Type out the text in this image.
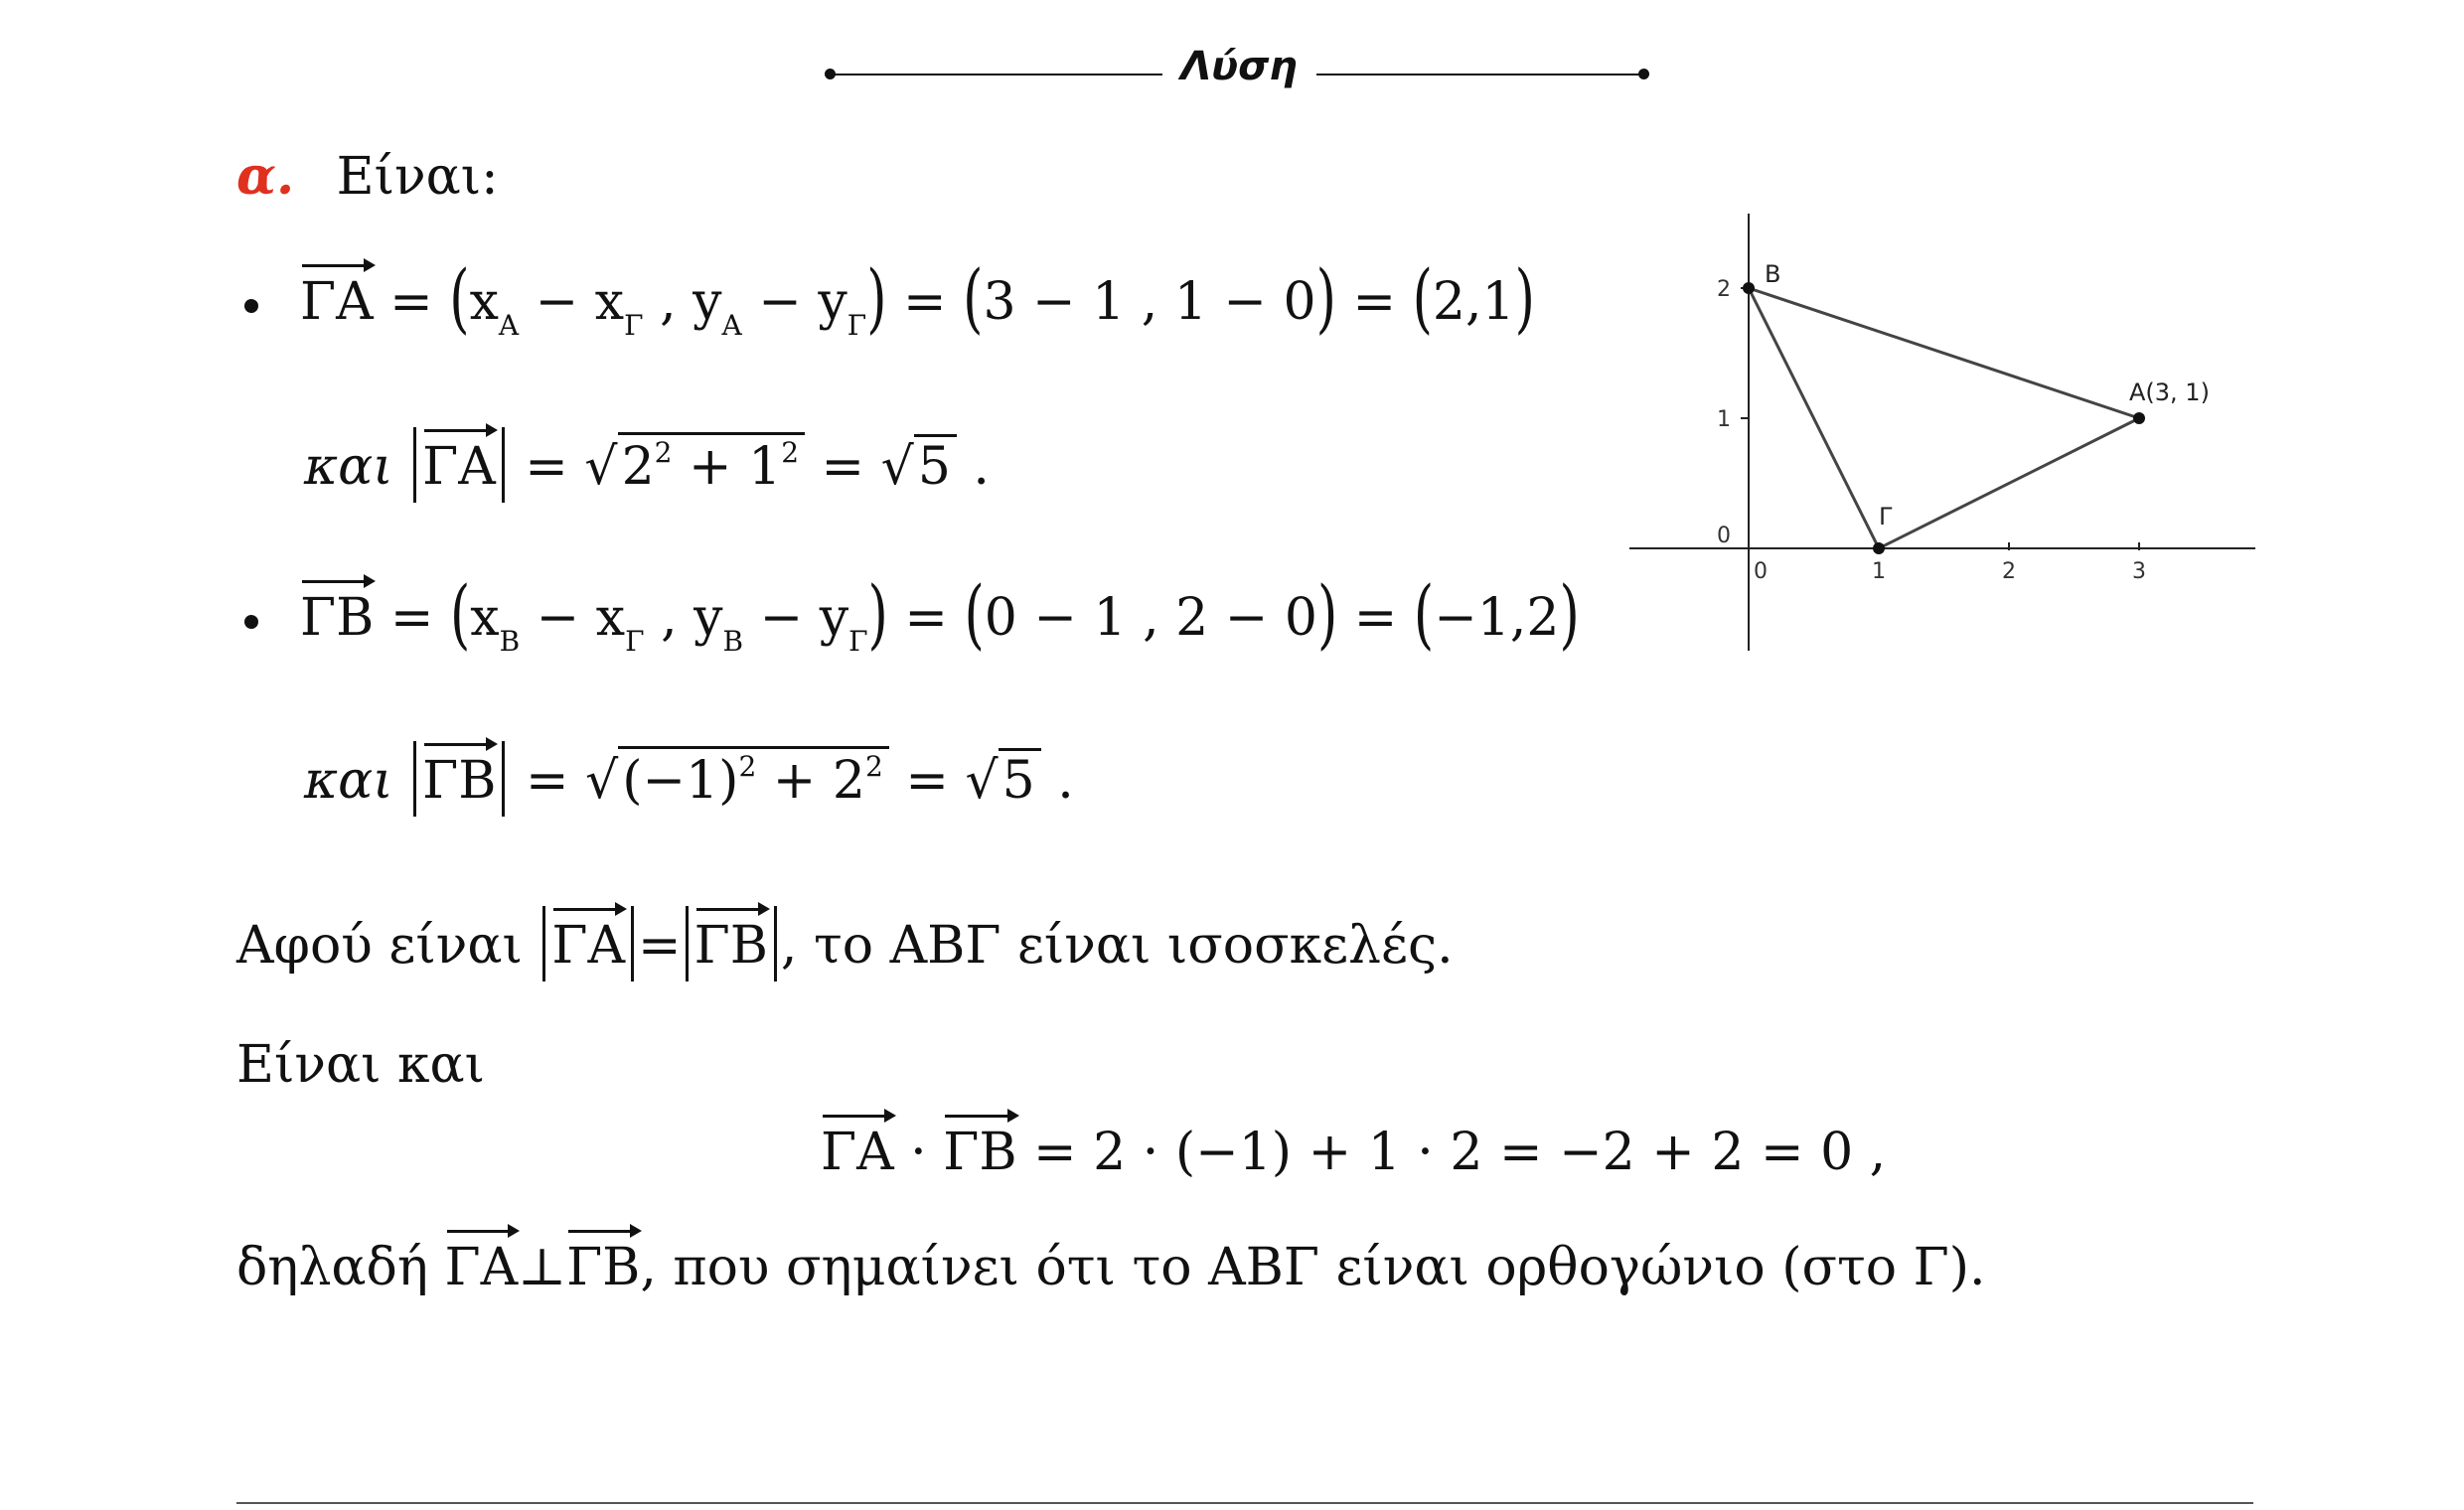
Λύση
α. Είναι:
$\Gamma A = (x_A - x_\Gamma$ , $y_A - y_\Gamma) = (3 - 1$ , 1 − 0) = (2,1)
και $\Gamma A = √2^2 + 1^2 = √5$ .
$\Gamma B = (x_B - x_\Gamma$ , $y_B - y_\Gamma) = (0 - 1$ , 2 − 0) = (−1,2)
και $\Gamma B = √(-1)^2 + 2^2 = √5$ .
Αφού είναι ΓΑ = ΓΒ , το ΑΒΓ είναι ισοσκελές.
Είναι και
ΓΑ · ΓΒ = 2 · (−1) + 1 · 2 = −2 + 2 = 0 ,
δηλαδή ΓΑ⊥ΓΒ, που σημαίνει ότι το ΑΒΓ είναι ορθογώνιο (στο Γ).
0	1	2	3
0
1
2
B
A(3, 1)
Γ
